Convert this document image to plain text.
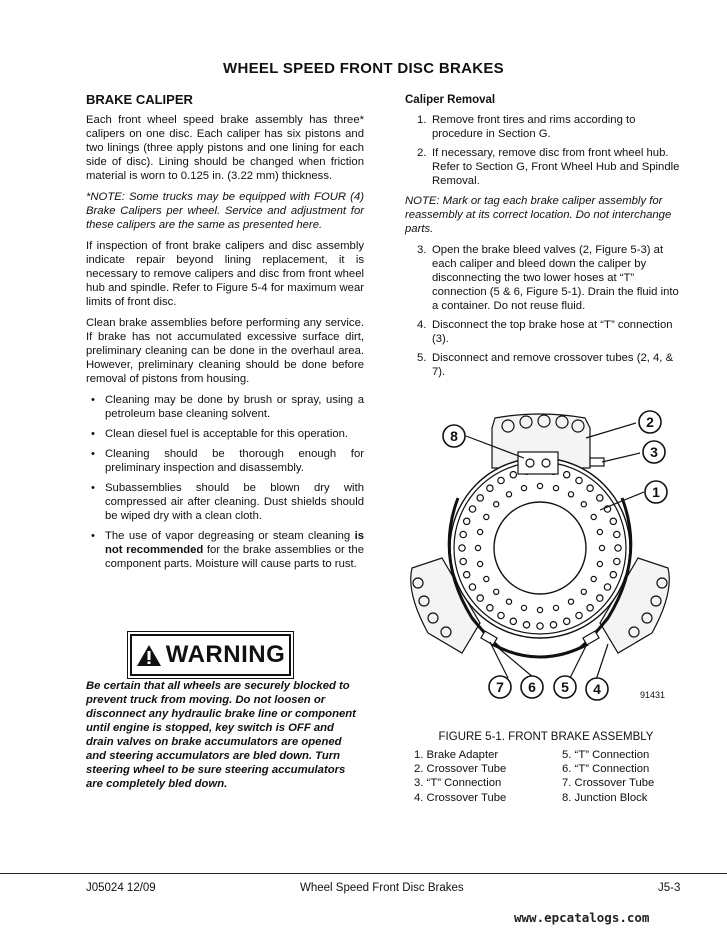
WHEEL SPEED FRONT DISC BRAKES
BRAKE CALIPER

Each front wheel speed brake assembly has three* calipers on one disc. Each caliper has six pistons and two linings (three apply pistons and one lining for each side of disc). Lining should be changed when friction material is worn to 0.125 in. (3.22 mm) thickness.

*NOTE: Some trucks may be equipped with FOUR (4) Brake Calipers per wheel. Service and adjustment for these calipers are the same as presented here.

If inspection of front brake calipers and disc assembly indicate repair beyond lining replacement, it is necessary to remove calipers and disc from front wheel hub and spindle. Refer to Figure 5-4 for maximum wear limits of front disc.

Clean brake assemblies before performing any service. If brake has not accumulated excessive surface dirt, preliminary cleaning can be done in the overhaul area. However, preliminary cleaning should be done before removal of pistons from housing.

• Cleaning may be done by brush or spray, using a petroleum base cleaning solvent.
• Clean diesel fuel is acceptable for this operation.
• Cleaning should be thorough enough for preliminary inspection and disassembly.
• Subassemblies should be blown dry with compressed air after cleaning. Dust shields should be wiped dry with a clean cloth.
• The use of vapor degreasing or steam cleaning is not recommended for the brake assemblies or the component parts. Moisture will cause parts to rust.
WARNING
Be certain that all wheels are securely blocked to prevent truck from moving. Do not loosen or disconnect any hydraulic brake line or component until engine is stopped, key switch is OFF and drain valves on brake accumulators are opened and steering accumulators are bled down. Turn steering wheel to be sure steering accumulators are completely bled down.
Caliper Removal
1. Remove front tires and rims according to procedure in Section G.
2. If necessary, remove disc from front wheel hub. Refer to Section G, Front Wheel Hub and Spindle Removal.

NOTE: Mark or tag each brake caliper assembly for reassembly at its correct location. Do not interchange parts.

3. Open the brake bleed valves (2, Figure 5-3) at each caliper and bleed down the caliper by disconnecting the two lower hoses at “T” connection (5 & 6, Figure 5-1). Drain the fluid into a container. Do not reuse fluid.
4. Disconnect the top brake hose at “T” connection (3).
5. Disconnect and remove crossover tubes (2, 4, & 7).
8
2
3
1
7 6 5 4	91431
FIGURE 5-1. FRONT BRAKE ASSEMBLY
1. Brake Adapter	5. “T” Connection
2. Crossover Tube	6. “T” Connection
3. “T” Connection	7. Crossover Tube
4. Crossover Tube	8. Junction Block
J05024 12/09	Wheel Speed Front Disc Brakes	J5-3
www.epcatalogs.com
